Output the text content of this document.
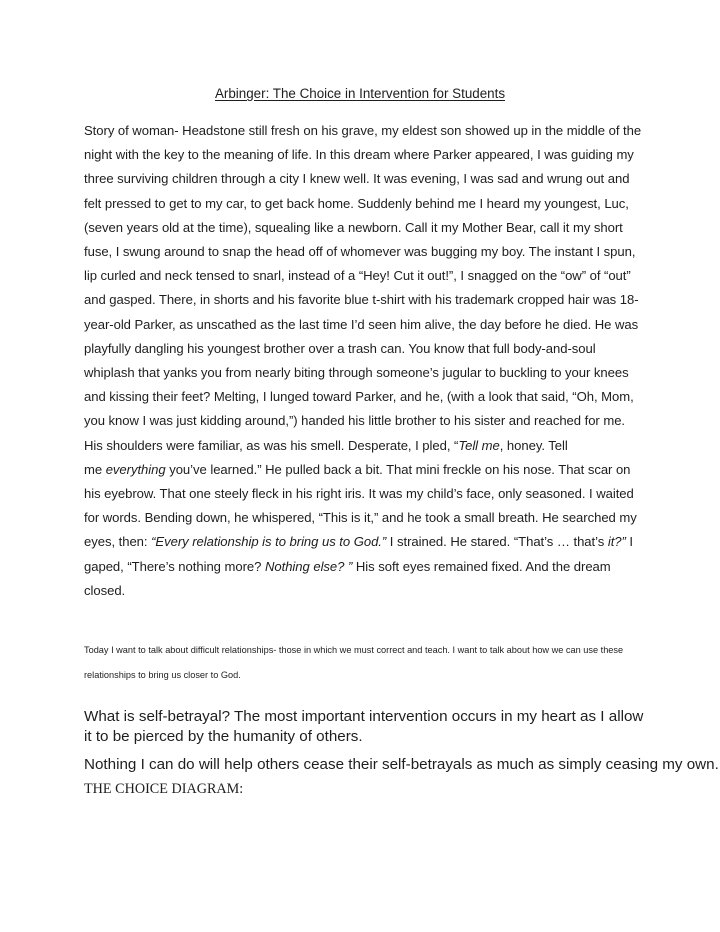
Arbinger: The Choice in Intervention for Students
Story of woman- Headstone still fresh on his grave, my eldest son showed up in the middle of the
night with the key to the meaning of life. In this dream where Parker appeared, I was guiding my
three surviving children through a city I knew well. It was evening, I was sad and wrung out and
felt pressed to get to my car, to get back home. Suddenly behind me I heard my youngest, Luc,
(seven years old at the time), squealing like a newborn. Call it my Mother Bear, call it my short
fuse, I swung around to snap the head off of whomever was bugging my boy. The instant I spun,
lip curled and neck tensed to snarl, instead of a “Hey! Cut it out!”, I snagged on the “ow” of “out”
and gasped. There, in shorts and his favorite blue t-shirt with his trademark cropped hair was 18-
year-old Parker, as unscathed as the last time I’d seen him alive, the day before he died. He was
playfully dangling his youngest brother over a trash can. You know that full body-and-soul
whiplash that yanks you from nearly biting through someone’s jugular to buckling to your knees
and kissing their feet? Melting, I lunged toward Parker, and he, (with a look that said, “Oh, Mom,
you know I was just kidding around,”) handed his little brother to his sister and reached for me.
His shoulders were familiar, as was his smell. Desperate, I pled, “Tell me, honey. Tell
me everything you’ve learned.” He pulled back a bit. That mini freckle on his nose. That scar on
his eyebrow. That one steely fleck in his right iris. It was my child’s face, only seasoned. I waited
for words. Bending down, he whispered, “This is it,” and he took a small breath. He searched my
eyes, then: “Every relationship is to bring us to God.” I strained. He stared. “That’s … that’s it?” I
gaped, “There’s nothing more? Nothing else? ” His soft eyes remained fixed. And the dream
closed.
Today I want to talk about difficult relationships- those in which we must correct and teach. I want to talk about how we can use these
relationships to bring us closer to God.
What is self-betrayal? The most important intervention occurs in my heart as I allow it to be pierced by the humanity of others.
Nothing I can do will help others cease their self-betrayals as much as simply ceasing my own.
THE CHOICE DIAGRAM:
